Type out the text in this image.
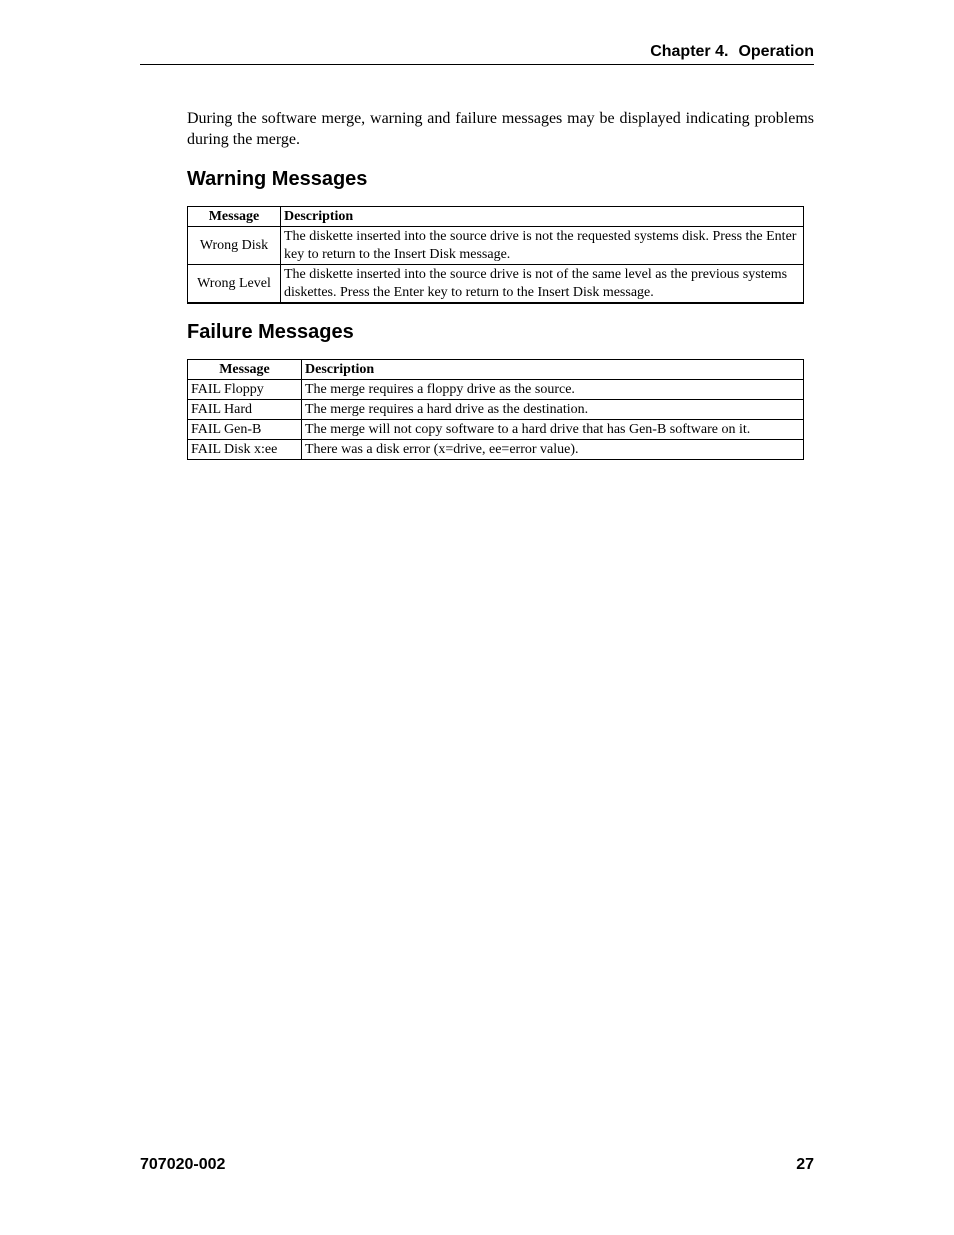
Chapter 4. Operation

During the software merge, warning and failure messages may be displayed indicating problems during the merge.

Warning Messages
Message	Description
Wrong Disk	The diskette inserted into the source drive is not the requested systems disk. Press the Enter key to return to the Insert Disk message.
Wrong Level	The diskette inserted into the source drive is not of the same level as the previous systems diskettes. Press the Enter key to return to the Insert Disk message.
Failure Messages
Message	Description
FAIL Floppy	The merge requires a floppy drive as the source.
FAIL Hard	The merge requires a hard drive as the destination.
FAIL Gen-B	The merge will not copy software to a hard drive that has Gen-B software on it.
FAIL Disk x:ee	There was a disk error (x=drive, ee=error value).
707020-002	27
